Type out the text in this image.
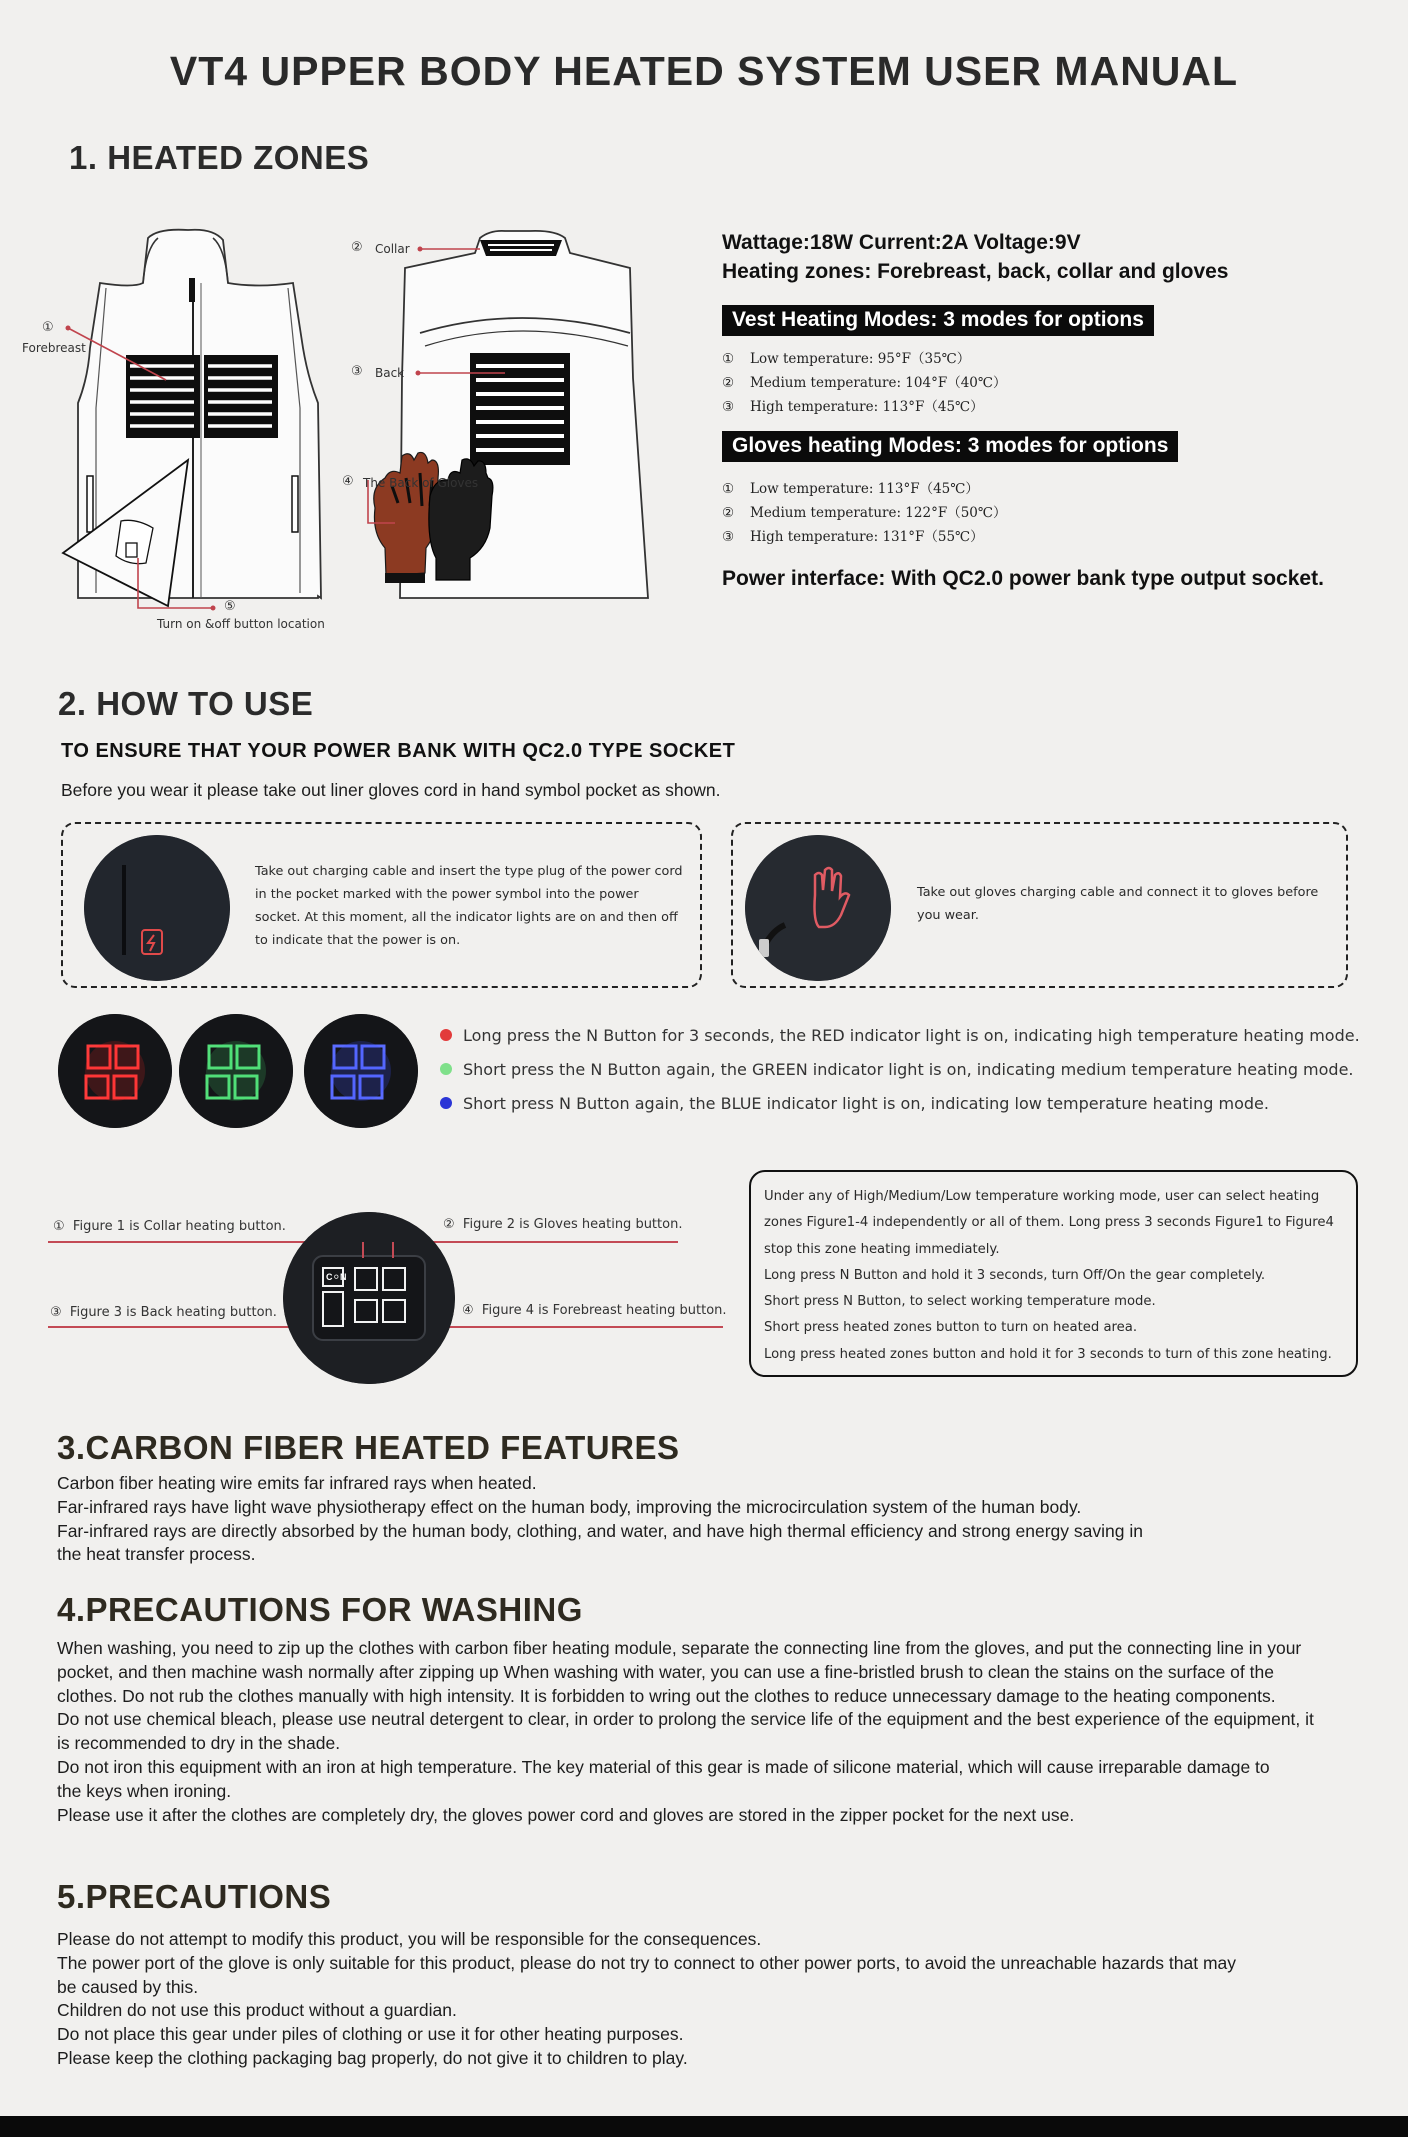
VT4 UPPER BODY HEATED SYSTEM USER MANUAL
1. HEATED ZONES
①
Forebreast
⑤
Turn on &off button location
② Collar
③ Back
④ The Back of Gloves
Wattage:18W Current:2A Voltage:9V
Heating zones: Forebreast, back, collar and gloves
Vest Heating Modes: 3 modes for options
① Low temperature: 95°F（35℃）
② Medium temperature: 104°F（40℃）
③ High temperature: 113°F（45℃）
Gloves heating Modes: 3 modes for options
① Low temperature: 113°F（45℃）
② Medium temperature: 122°F（50℃）
③ High temperature: 131°F（55℃）
Power interface: With QC2.0 power bank type output socket.
2. HOW TO USE
TO ENSURE THAT YOUR POWER BANK WITH QC2.0 TYPE SOCKET
Before you wear it please take out liner gloves cord in hand symbol pocket as shown.
Take out charging cable and insert the type plug of the power cord in the pocket marked with the power symbol into the power socket. At this moment, all the indicator lights are on and then off to indicate that the power is on.
Take out gloves charging cable and connect it to gloves before you wear.
Long press the N Button for 3 seconds, the RED indicator light is on, indicating high temperature heating mode.
Short press the N Button again, the GREEN indicator light is on, indicating medium temperature heating mode.
Short press N Button again, the BLUE indicator light is on, indicating low temperature heating mode.
① Figure 1 is Collar heating button.	② Figure 2 is Gloves heating button.
③ Figure 3 is Back heating button.	④ Figure 4 is Forebreast heating button.
C⚪N
Under any of High/Medium/Low temperature working mode, user can select heating zones Figure1-4 independently or all of them. Long press 3 seconds Figure1 to Figure4 stop this zone heating immediately.
Long press N Button and hold it 3 seconds, turn Off/On the gear completely.
Short press N Button, to select working temperature mode.
Short press heated zones button to turn on heated area.
Long press heated zones button and hold it for 3 seconds to turn of this zone heating.
3.CARBON FIBER HEATED FEATURES
Carbon fiber heating wire emits far infrared rays when heated.
Far-infrared rays have light wave physiotherapy effect on the human body, improving the microcirculation system of the human body.
Far-infrared rays are directly absorbed by the human body, clothing, and water, and have high thermal efficiency and strong energy saving in the heat transfer process.
4.PRECAUTIONS FOR WASHING
When washing, you need to zip up the clothes with carbon fiber heating module, separate the connecting line from the gloves, and put the connecting line in your pocket, and then machine wash normally after zipping up When washing with water, you can use a fine-bristled brush to clean the stains on the surface of the clothes. Do not rub the clothes manually with high intensity. It is forbidden to wring out the clothes to reduce unnecessary damage to the heating components.
Do not use chemical bleach, please use neutral detergent to clear, in order to prolong the service life of the equipment and the best experience of the equipment, it is recommended to dry in the shade.
Do not iron this equipment with an iron at high temperature. The key material of this gear is made of silicone material, which will cause irreparable damage to the keys when ironing.
Please use it after the clothes are completely dry, the gloves power cord and gloves are stored in the zipper pocket for the next use.
5.PRECAUTIONS
Please do not attempt to modify this product, you will be responsible for the consequences.
The power port of the glove is only suitable for this product, please do not try to connect to other power ports, to avoid the unreachable hazards that may be caused by this.
Children do not use this product without a guardian.
Do not place this gear under piles of clothing or use it for other heating purposes.
Please keep the clothing packaging bag properly, do not give it to children to play.
